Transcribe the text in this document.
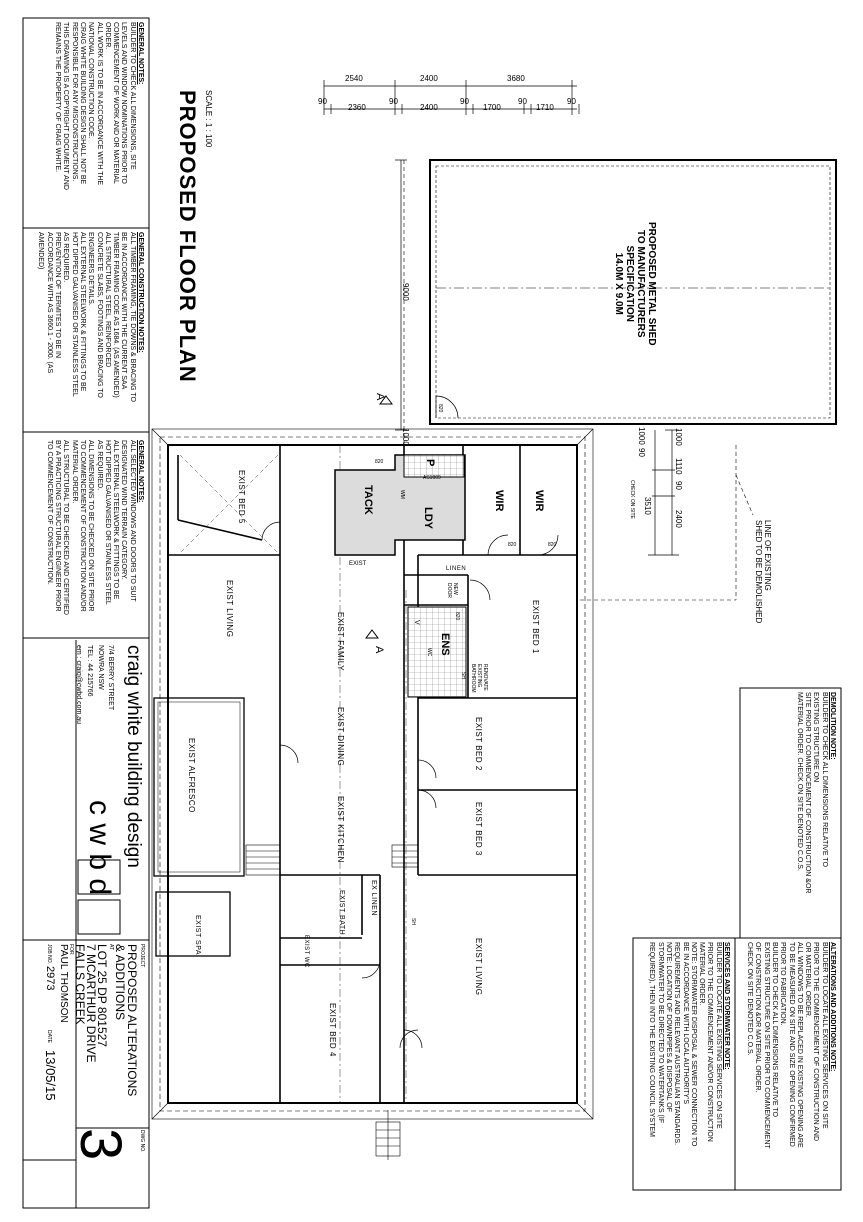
GENERAL NOTES:
BUILDER TO CHECK ALL DIMENSIONS, SITE
LEVELS AND WINDOW NOMINATIONS PRIOR TO
COMMENCEMENT OF WORK AND OR MATERIAL
ORDER.
ALL WORK IS TO BE IN ACCORDANCE WITH THE
NATIONAL CONSTRUCTION CODE.
CRAIG WHITE BUILDING DESIGN SHALL NOT BE
RESPONSIBLE FOR ANY MISCONSTRUCTIONS.
THIS DRAWING IS A COPYRIGHT DOCUMENT AND
REMAINS THE PROPERTY OF CRAIG WHITE.
GENERAL CONSTRUCTION NOTES:
ALL TIMBER FRAMING, TIE DOWNS & BRACING TO
BE IN ACCORDANCE WITH THE CURRENT SAA
TIMBER FRAMING CODE AS 1684. (AS AMENDED)
ALL STRUCTURAL STEEL, REINFORCED
CONCRETE SLABS, FOOTINGS AND BRACING TO
ENGINEERS DETAILS.
ALL EXTERNAL STEELWORK & FITTINGS TO BE
HOT DIPPED GALVANISED OR STAINLESS STEEL
AS REQUIRED.
PREVENTION OF TERMITES TO BE IN
ACCORDANCE WITH AS 3660.1 - 2000. (AS
AMENDED)
GENERAL NOTES:
ALL SELECTED WINDOWS AND DOORS TO SUIT
DESIGNATED WIND TERRAIN CATEGORY.
ALL EXTERNAL STEELWORK & FITTINGS TO BE
HOT DIPPED GALVANISED OR STAINLESS STEEL
AS REQUIRED.
ALL DIMENSIONS TO BE CHECKED ON SITE PRIOR
TO COMMENCEMENT OF CONSTRUCTION AND/OR
MATERIAL ORDER.
ALL STRUCTURAL TO BE CHECKED AND CERTIFIED
BY A PRACTICING STRUCTURAL ENGINEER PRIOR
TO COMMENCEMENT OF CONSTRUCTION.
craig white building design
7/4 BERRY STREET
NOWRA NSW
TEL : 44 215766
em : craig@cwbd.com.au
c w b d
PROJECT
PROPOSED ALTERATIONS
& ADDITIONS
AT
LOT 25 DP 801527
7 MCARTHUR DRIVE
FALLS CREEK
FOR
PAUL THOMSON
JOB NO.
2973
DATE
13/05/15
DWG NO.
3
DEMOLITION NOTE:
BUILDER TO CHECK ALL DIMENSIONS RELATIVE TO
EXISTING STRUCTURE ON
SITE PRIOR TO COMMENCEMENT OF CONSTRUCTION &OR
MATERIAL ORDER. CHECK ON SITE DENOTED C.O.S.
ALTERATIONS AND ADDITIONS NOTE:
BUILDER TO LOCATE ALL EXISTING SERVICES ON SITE
PRIOR TO THE COMMENCEMENT OF CONSTRUCTION AND
OR MATERIAL ORDER.
ALL WINDOWS TO BE REPLACED IN EXISTING OPENING ARE
TO BE MEASURED ON SITE AND SIZE OPENING CONFIRMED
PRIOR TO FABRICATION.
BUILDER TO CHECK ALL DIMENSIONS RELATIVE TO
EXISTING STRUCTURE ON SITE PRIOR TO COMMENCEMENT
OF CONSTRUCTION &OR MATERIAL ORDER.
CHECK ON SITE DENOTED C.O.S.
SERVICES AND STORMWATER NOTE:
BUILDER TO LOCATE ALL EXISTING SERVICES ON SITE
PRIOR TO THE COMMENCEMENT AND/OR CONSTRUCTION
MATERIAL ORDER.
NOTE: STORMWATER DISPOSAL & SEWER CONNECTION TO
BE IN ACCORDANCE WITH LOCAL AUTHORITY'S
REQUIREMENTS AND RELEVANT AUSTRALIAN STANDARDS.
NOTE: LOCATION OF DOWNPIPES & DISPOSAL OF
STORMWATER TO BE DIRECTED TO WATERTANKS (IF
REQUIRED), THEN INTO THE EXISTING COUNCIL SYSTEM
PROPOSED FLOOR PLAN SCALE : 1 : 100
PROPOSED METAL SHED
TO MANUFACTURERS
SPECIFICATION
14.0M X 9.0M
LINE OF EXISTING
SHED TO BE DEMOLISHED
2540	2400	3680
90
2360
90
2400
90
1700
90
1710
90
9000
1000	1000	1000
90
1110
90
3510
2400
CHECK ON SITE
EXIST BED 5
EXIST LIVING
EXIST FAMILY
EXIST DINING
EXIST KITCHEN
EXIST ALFRESCO
EXIST SPA	EXIST BATH	EX LINEN
EXIST WC
EXIST BED 4
EXIST LIVING
EXIST BED 3
EXIST BED 2
EXIST BED 1
ENS
RENOVATE
EXISTING
BATHROOM
TACK
LDY
WIR	WIR
P
LINEN
NEW
DOOR
EXIST
WC
WM
AS1009
820
820	820
820
820
V
SH
SH
A
A
